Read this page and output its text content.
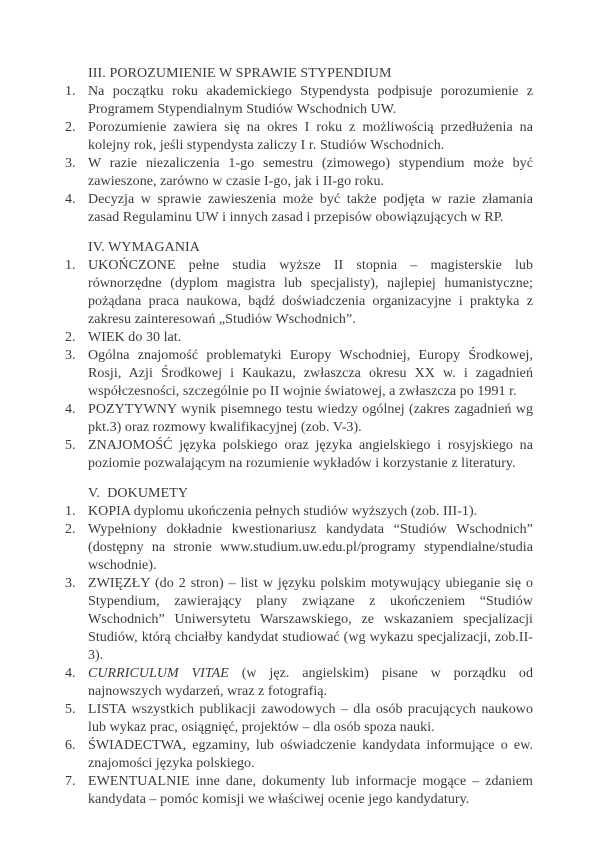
III. POROZUMIENIE W SPRAWIE STYPENDIUM
1. Na początku roku akademickiego Stypendysta podpisuje porozumienie z Programem Stypendialnym Studiów Wschodnich UW.
2. Porozumienie zawiera się na okres I roku z możliwością przedłużenia na kolejny rok, jeśli stypendysta zaliczy I r. Studiów Wschodnich.
3. W razie niezaliczenia 1-go semestru (zimowego) stypendium może być zawieszone, zarówno w czasie I-go, jak i II-go roku.
4. Decyzja w sprawie zawieszenia może być także podjęta w razie złamania zasad Regulaminu UW i innych zasad i przepisów obowiązujących w RP.
IV. WYMAGANIA
1. UKOŃCZONE pełne studia wyższe II stopnia – magisterskie lub równorzędne (dyplom magistra lub specjalisty), najlepiej humanistyczne; pożądana praca naukowa, bądź doświadczenia organizacyjne i praktyka z zakresu zainteresowań „Studiów Wschodnich”.
2. WIEK do 30 lat.
3. Ogólna znajomość problematyki Europy Wschodniej, Europy Środkowej, Rosji, Azji Środkowej i Kaukazu, zwłaszcza okresu XX w. i zagadnień współczesności, szczególnie po II wojnie światowej, a zwłaszcza po 1991 r.
4. POZYTYWNY wynik pisemnego testu wiedzy ogólnej (zakres zagadnień wg pkt.3) oraz rozmowy kwalifikacyjnej (zob. V-3).
5. ZNAJOMOŚĆ języka polskiego oraz języka angielskiego i rosyjskiego na poziomie pozwalającym na rozumienie wykładów i korzystanie z literatury.
V.  DOKUMETY
1. KOPIA dyplomu ukończenia pełnych studiów wyższych (zob. III-1).
2. Wypełniony dokładnie kwestionariusz kandydata “Studiów Wschodnich” (dostępny na stronie www.studium.uw.edu.pl/programy stypendialne/studia wschodnie).
3. ZWIĘZŁY (do 2 stron) – list w języku polskim motywujący ubieganie się o Stypendium, zawierający plany związane z ukończeniem “Studiów Wschodnich” Uniwersytetu Warszawskiego, ze wskazaniem specjalizacji Studiów, którą chciałby kandydat studiować (wg wykazu specjalizacji, zob.II-3).
4. CURRICULUM VITAE (w jęz. angielskim) pisane w porządku od najnowszych wydarzeń, wraz z fotografią.
5. LISTA wszystkich publikacji zawodowych – dla osób pracujących naukowo lub wykaz prac, osiągnięć, projektów – dla osób spoza nauki.
6. ŚWIADECTWA, egzaminy, lub oświadczenie kandydata informujące o ew. znajomości języka polskiego.
7. EWENTUALNIE inne dane, dokumenty lub informacje mogące – zdaniem kandydata – pomóc komisji we właściwej ocenie jego kandydatury.
